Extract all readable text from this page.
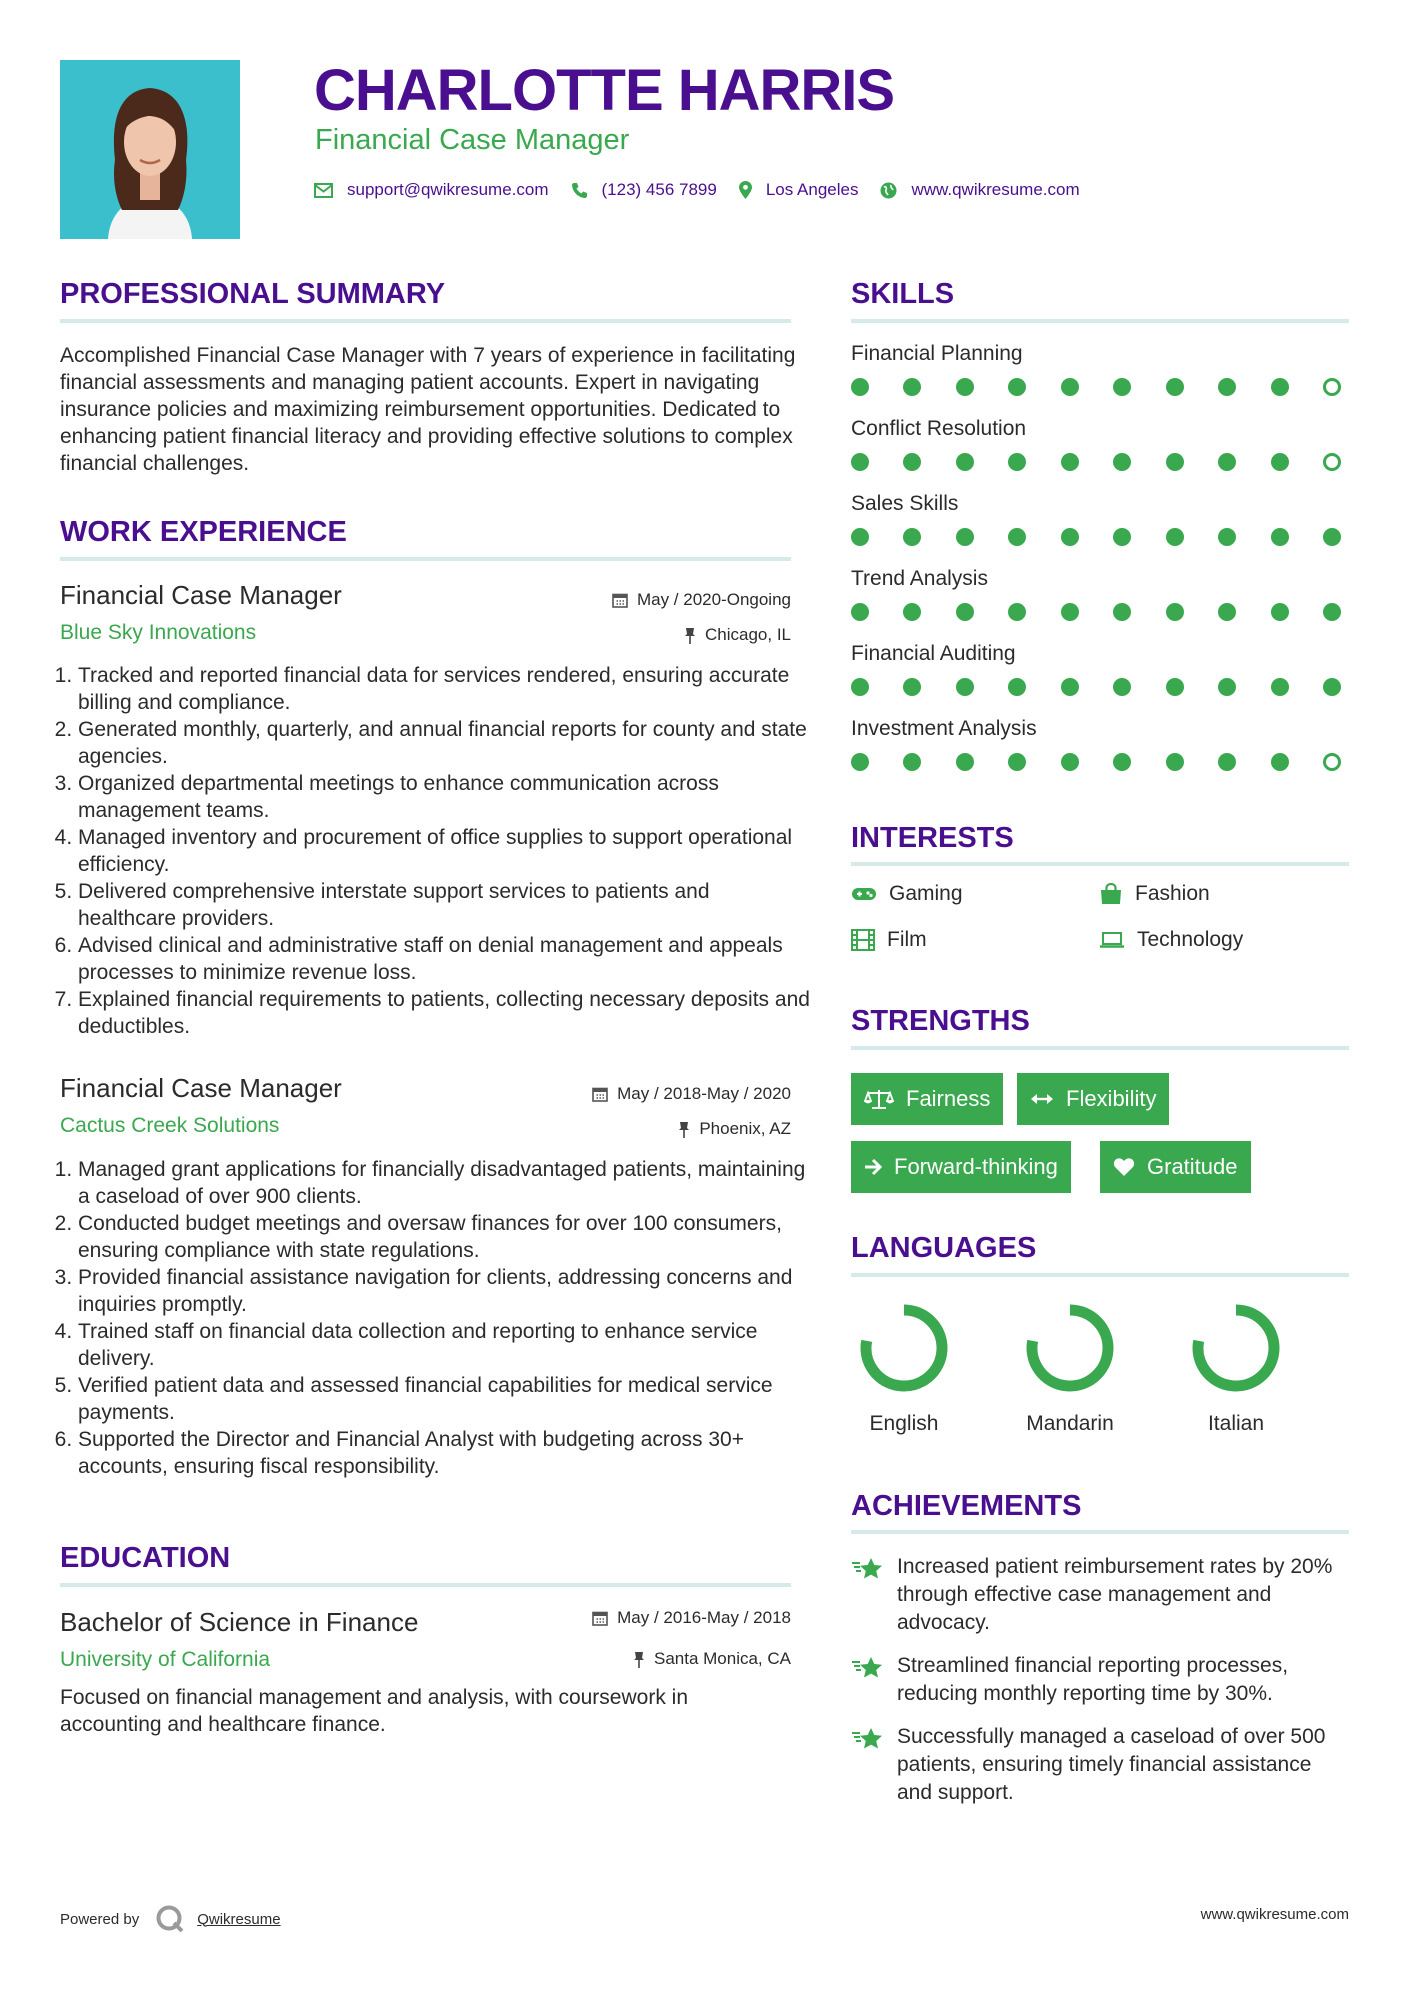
CHARLOTTE HARRIS
Financial Case Manager
support@qwikresume.com	(123) 456 7899	Los Angeles	www.qwikresume.com
PROFESSIONAL SUMMARY
Accomplished Financial Case Manager with 7 years of experience in facilitating financial assessments and managing patient accounts. Expert in navigating insurance policies and maximizing reimbursement opportunities. Dedicated to enhancing patient financial literacy and providing effective solutions to complex financial challenges.
WORK EXPERIENCE
Financial Case Manager	May / 2020-Ongoing
Blue Sky Innovations	Chicago, IL
1. Tracked and reported financial data for services rendered, ensuring accurate billing and compliance.
2. Generated monthly, quarterly, and annual financial reports for county and state agencies.
3. Organized departmental meetings to enhance communication across management teams.
4. Managed inventory and procurement of office supplies to support operational efficiency.
5. Delivered comprehensive interstate support services to patients and healthcare providers.
6. Advised clinical and administrative staff on denial management and appeals processes to minimize revenue loss.
7. Explained financial requirements to patients, collecting necessary deposits and deductibles.
Financial Case Manager	May / 2018-May / 2020
Cactus Creek Solutions	Phoenix, AZ
1. Managed grant applications for financially disadvantaged patients, maintaining a caseload of over 900 clients.
2. Conducted budget meetings and oversaw finances for over 100 consumers, ensuring compliance with state regulations.
3. Provided financial assistance navigation for clients, addressing concerns and inquiries promptly.
4. Trained staff on financial data collection and reporting to enhance service delivery.
5. Verified patient data and assessed financial capabilities for medical service payments.
6. Supported the Director and Financial Analyst with budgeting across 30+ accounts, ensuring fiscal responsibility.
EDUCATION
Bachelor of Science in Finance	May / 2016-May / 2018
University of California	Santa Monica, CA
Focused on financial management and analysis, with coursework in accounting and healthcare finance.
SKILLS
Financial Planning
Conflict Resolution
Sales Skills
Trend Analysis
Financial Auditing
Investment Analysis
INTERESTS
Gaming	Fashion
Film	Technology
STRENGTHS
Fairness	Flexibility
Forward-thinking	Gratitude
LANGUAGES
English	Mandarin	Italian
ACHIEVEMENTS
Increased patient reimbursement rates by 20% through effective case management and advocacy.
Streamlined financial reporting processes, reducing monthly reporting time by 30%.
Successfully managed a caseload of over 500 patients, ensuring timely financial assistance and support.
Powered by	Qwikresume	www.qwikresume.com
